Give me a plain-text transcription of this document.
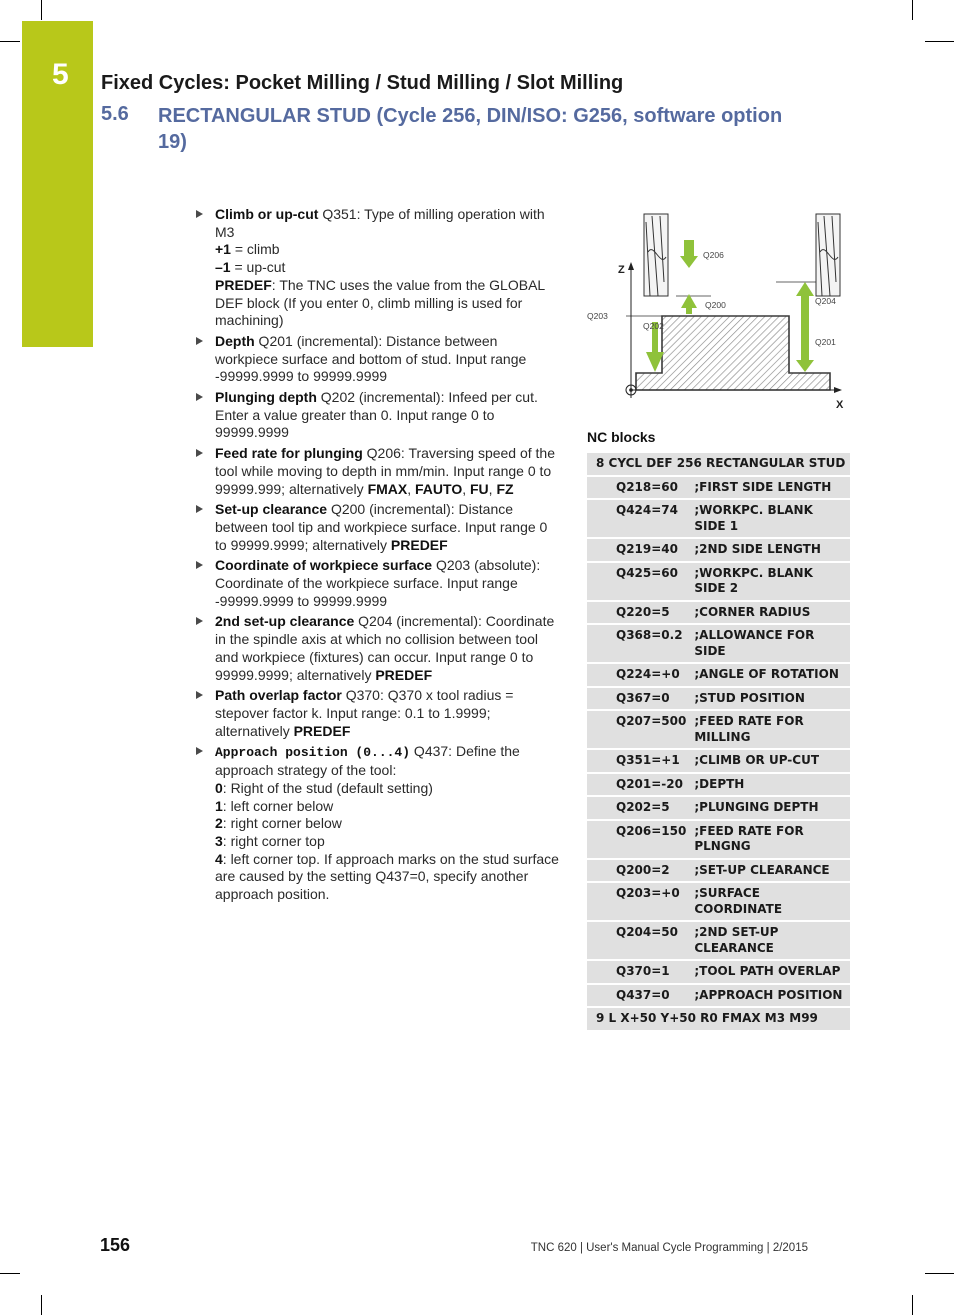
5 Fixed Cycles: Pocket Milling / Stud Milling / Slot Milling
5.6 RECTANGULAR STUD (Cycle 256, DIN/ISO: G256, software option 19)
Climb or up-cut Q351: Type of milling operation with M3
+1 = climb
–1 = up-cut
PREDEF: The TNC uses the value from the GLOBAL DEF block (If you enter 0, climb milling is used for machining)
Depth Q201 (incremental): Distance between workpiece surface and bottom of stud. Input range -99999.9999 to 99999.9999
Plunging depth Q202 (incremental): Infeed per cut. Enter a value greater than 0. Input range 0 to 99999.9999
Feed rate for plunging Q206: Traversing speed of the tool while moving to depth in mm/min. Input range 0 to 99999.999; alternatively FMAX, FAUTO, FU, FZ
Set-up clearance Q200 (incremental): Distance between tool tip and workpiece surface. Input range 0 to 99999.9999; alternatively PREDEF
Coordinate of workpiece surface Q203 (absolute): Coordinate of the workpiece surface. Input range -99999.9999 to 99999.9999
2nd set-up clearance Q204 (incremental): Coordinate in the spindle axis at which no collision between tool and workpiece (fixtures) can occur. Input range 0 to 99999.9999; alternatively PREDEF
Path overlap factor Q370: Q370 x tool radius = stepover factor k. Input range: 0.1 to 1.9999; alternatively PREDEF
Approach position (0...4) Q437: Define the approach strategy of the tool:
0: Right of the stud (default setting)
1: left corner below
2: right corner below
3: right corner top
4: left corner top. If approach marks on the stud surface are caused by the setting Q437=0, specify another approach position.
Z
X
Q206
Q200	Q204
Q203
Q202
Q201
NC blocks
8 CYCL DEF 256 RECTANGULAR STUD	
Q218=60	;FIRST SIDE LENGTH
Q424=74	;WORKPC. BLANK SIDE 1
Q219=40	;2ND SIDE LENGTH
Q425=60	;WORKPC. BLANK SIDE 2
Q220=5	;CORNER RADIUS
Q368=0.2	;ALLOWANCE FOR SIDE
Q224=+0	;ANGLE OF ROTATION
Q367=0	;STUD POSITION
Q207=500	;FEED RATE FOR MILLING
Q351=+1	;CLIMB OR UP-CUT
Q201=-20	;DEPTH
Q202=5	;PLUNGING DEPTH
Q206=150	;FEED RATE FOR PLNGNG
Q200=2	;SET-UP CLEARANCE
Q203=+0	;SURFACE COORDINATE
Q204=50	;2ND SET-UP CLEARANCE
Q370=1	;TOOL PATH OVERLAP
Q437=0	;APPROACH POSITION
9 L X+50 Y+50 R0 FMAX M3 M99	
156	TNC 620 | User's Manual Cycle Programming | 2/2015
